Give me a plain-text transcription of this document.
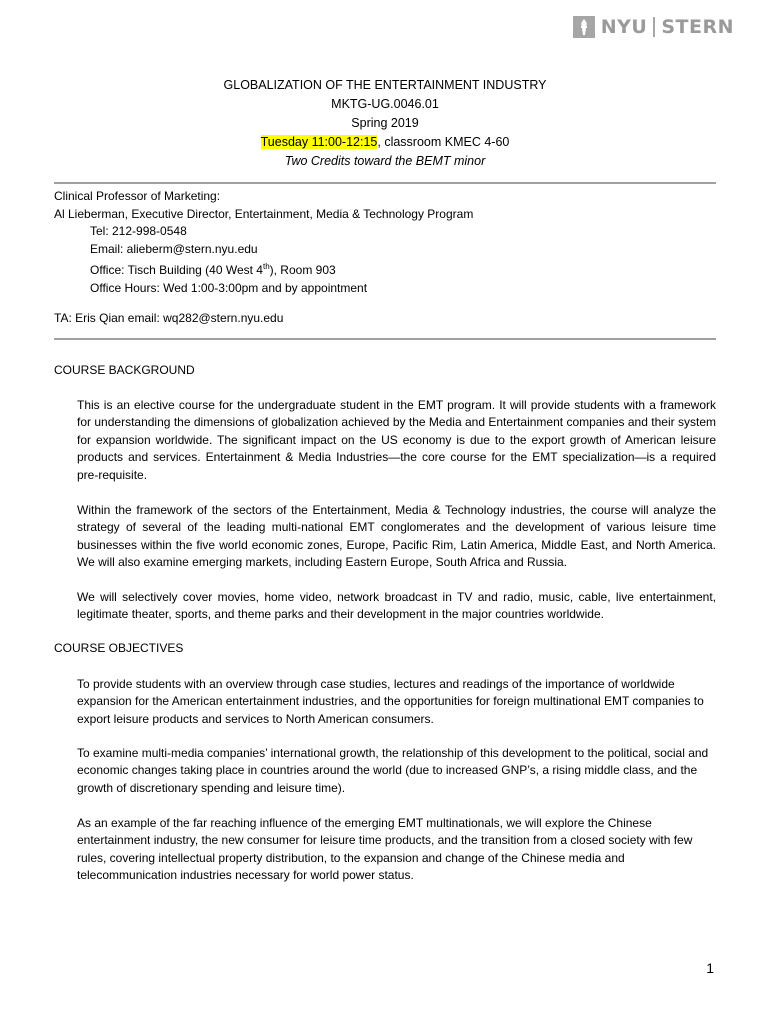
NYU STERN
GLOBALIZATION OF THE ENTERTAINMENT INDUSTRY
MKTG-UG.0046.01
Spring 2019
Tuesday 11:00-12:15, classroom KMEC 4-60
Two Credits toward the BEMT minor
Clinical Professor of Marketing:
Al Lieberman, Executive Director, Entertainment, Media & Technology Program
Tel: 212-998-0548
Email: alieberm@stern.nyu.edu
Office: Tisch Building (40 West 4th), Room 903
Office Hours: Wed 1:00-3:00pm and by appointment
TA: Eris Qian email: wq282@stern.nyu.edu
COURSE BACKGROUND
This is an elective course for the undergraduate student in the EMT program. It will provide students with a framework for understanding the dimensions of globalization achieved by the Media and Entertainment companies and their system for expansion worldwide. The significant impact on the US economy is due to the export growth of American leisure products and services. Entertainment & Media Industries—the core course for the EMT specialization—is a required pre-requisite.
Within the framework of the sectors of the Entertainment, Media & Technology industries, the course will analyze the strategy of several of the leading multi-national EMT conglomerates and the development of various leisure time businesses within the five world economic zones, Europe, Pacific Rim, Latin America, Middle East, and North America. We will also examine emerging markets, including Eastern Europe, South Africa and Russia.
We will selectively cover movies, home video, network broadcast in TV and radio, music, cable, live entertainment, legitimate theater, sports, and theme parks and their development in the major countries worldwide.
COURSE OBJECTIVES
To provide students with an overview through case studies, lectures and readings of the importance of worldwide expansion for the American entertainment industries, and the opportunities for foreign multinational EMT companies to export leisure products and services to North American consumers.
To examine multi-media companies’ international growth, the relationship of this development to the political, social and economic changes taking place in countries around the world (due to increased GNP’s, a rising middle class, and the growth of discretionary spending and leisure time).
As an example of the far reaching influence of the emerging EMT multinationals, we will explore the Chinese entertainment industry, the new consumer for leisure time products, and the transition from a closed society with few rules, covering intellectual property distribution, to the expansion and change of the Chinese media and telecommunication industries necessary for world power status.
1
